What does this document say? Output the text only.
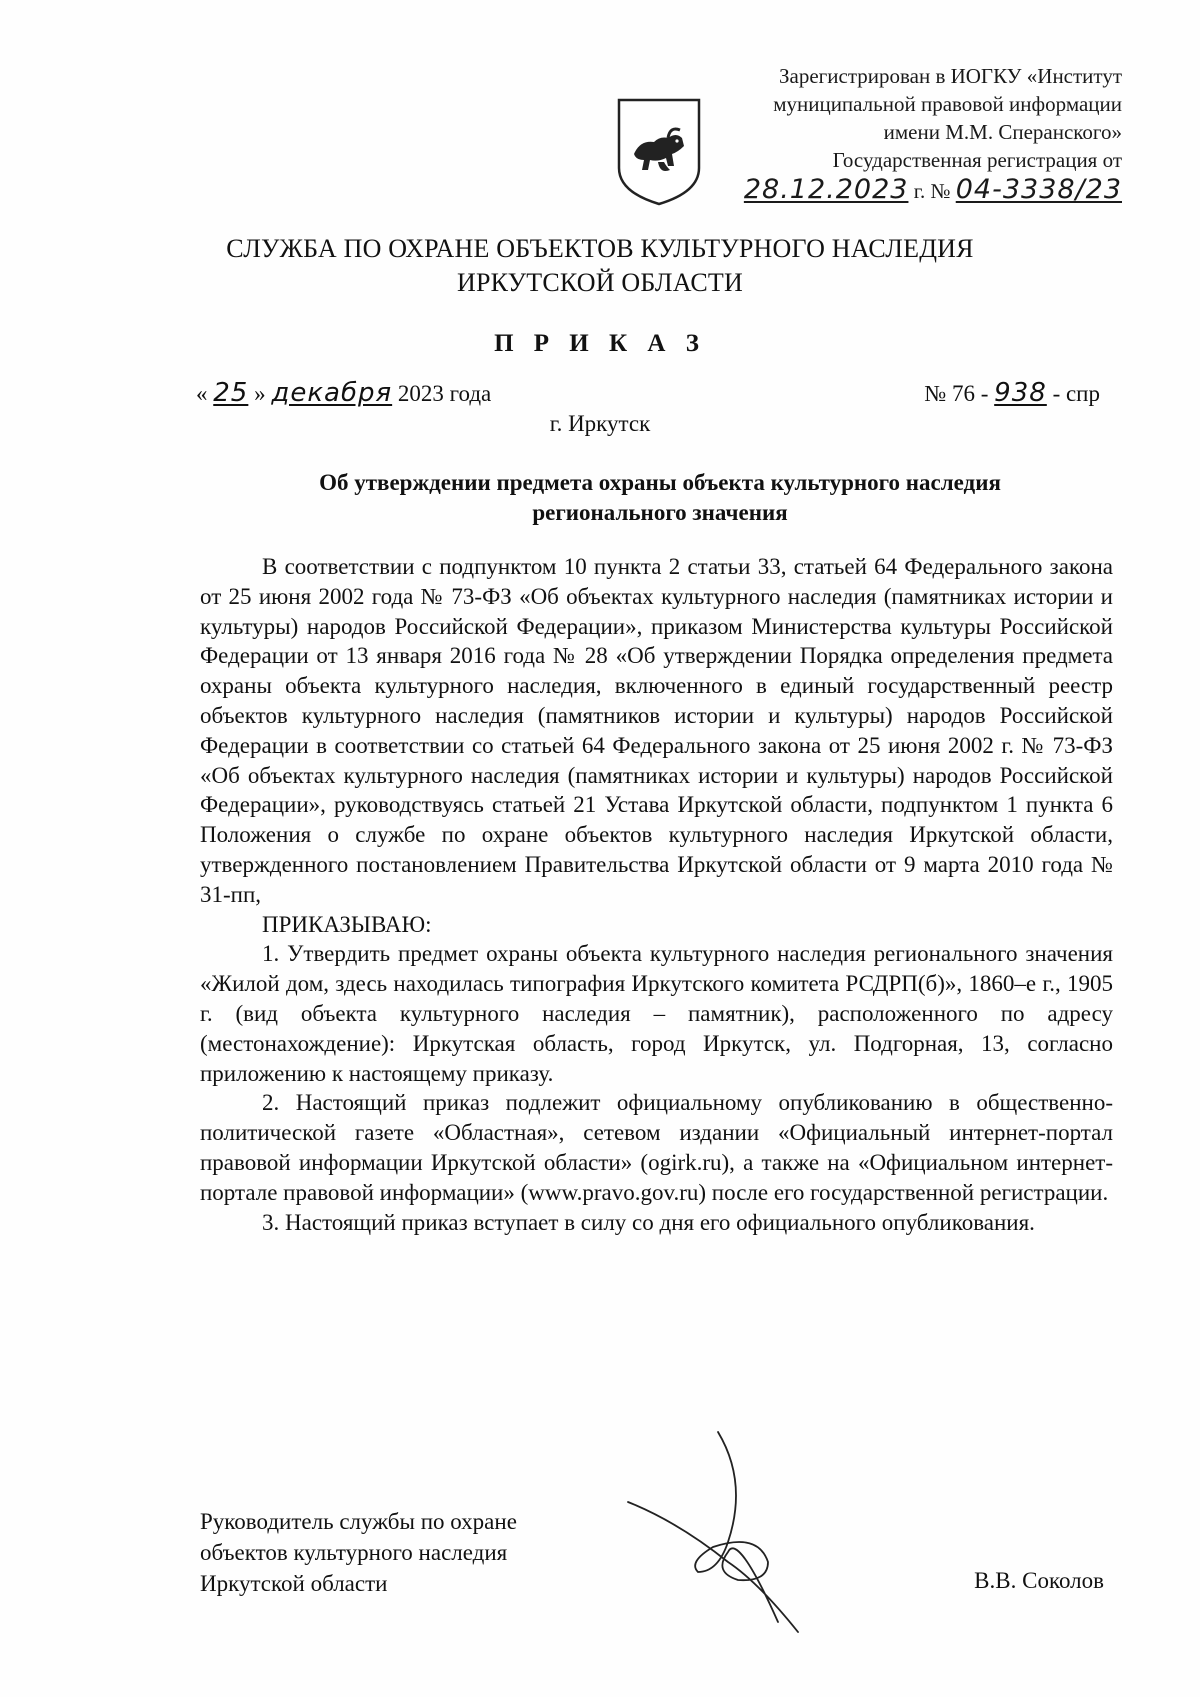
Зарегистрирован в ИОГКУ «Институт
муниципальной правовой информации
имени М.М. Сперанского»
Государственная регистрация от
28.12.2023 г. № 04-3338/23
СЛУЖБА ПО ОХРАНЕ ОБЪЕКТОВ КУЛЬТУРНОГО НАСЛЕДИЯ
ИРКУТСКОЙ ОБЛАСТИ
П Р И К А З
« 25 » декабря 2023 года	№ 76 - 938 - спр
г. Иркутск
Об утверждении предмета охраны объекта культурного наследия
регионального значения

В соответствии с подпунктом 10 пункта 2 статьи 33, статьей 64 Федерального закона от 25 июня 2002 года № 73-ФЗ «Об объектах культурного наследия (памятниках истории и культуры) народов Российской Федерации», приказом Министерства культуры Российской Федерации от 13 января 2016 года № 28 «Об утверждении Порядка определения предмета охраны объекта культурного наследия, включенного в единый государственный реестр объектов культурного наследия (памятников истории и культуры) народов Российской Федерации в соответствии со статьей 64 Федерального закона от 25 июня 2002 г. № 73-ФЗ «Об объектах культурного наследия (памятниках истории и культуры) народов Российской Федерации», руководствуясь статьей 21 Устава Иркутской области, подпунктом 1 пункта 6 Положения о службе по охране объектов культурного наследия Иркутской области, утвержденного постановлением Правительства Иркутской области от 9 марта 2010 года № 31-пп,

ПРИКАЗЫВАЮ:

1. Утвердить предмет охраны объекта культурного наследия регионального значения «Жилой дом, здесь находилась типография Иркутского комитета РСДРП(б)», 1860–е г., 1905 г. (вид объекта культурного наследия – памятник), расположенного по адресу (местонахождение): Иркутская область, город Иркутск, ул. Подгорная, 13, согласно приложению к настоящему приказу.

2. Настоящий приказ подлежит официальному опубликованию в общественно-политической газете «Областная», сетевом издании «Официальный интернет-портал правовой информации Иркутской области» (ogirk.ru), а также на «Официальном интернет-портале правовой информации» (www.pravo.gov.ru) после его государственной регистрации.

3. Настоящий приказ вступает в силу со дня его официального опубликования.

Руководитель службы по охране
объектов культурного наследия
Иркутской области	В.В. Соколов
